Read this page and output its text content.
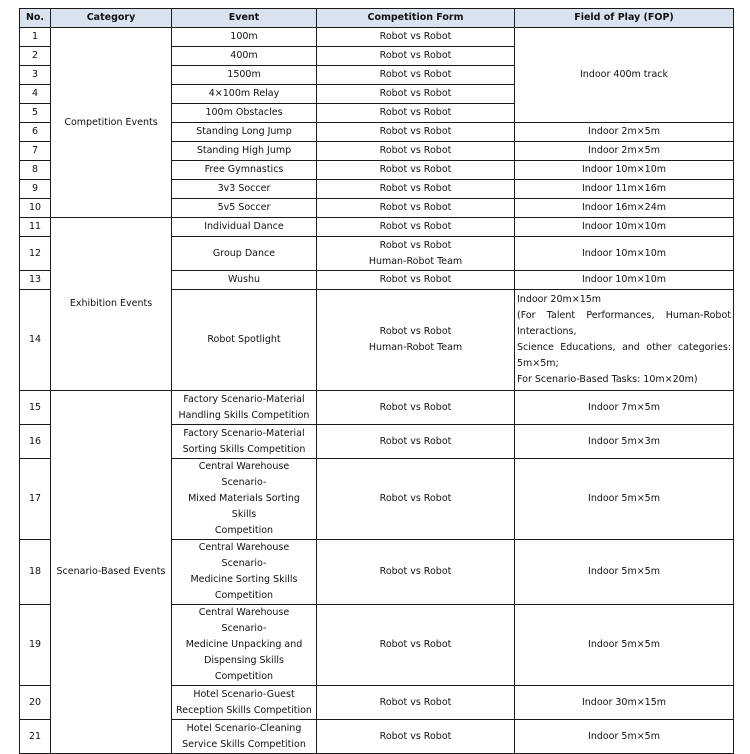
No.	Category	Event	Competition Form	Field of Play (FOP)
1	Competition Events	100m	Robot vs Robot	Indoor 400m track

2		400m	Robot vs Robot	

3		1500m	Robot vs Robot	

4		4×100m Relay	Robot vs Robot	

5		100m Obstacles	Robot vs Robot	

6		Standing Long Jump	Robot vs Robot	Indoor 2m×5m

7		Standing High Jump	Robot vs Robot	Indoor 2m×5m

8		Free Gymnastics	Robot vs Robot	Indoor 10m×10m

9		3v3 Soccer	Robot vs Robot	Indoor 11m×16m

10		5v5 Soccer	Robot vs Robot	Indoor 16m×24m

11	Exhibition Events	Individual Dance	Robot vs Robot	Indoor 10m×10m

12		Group Dance	Robot vs Robot
Human-Robot Team	Indoor 10m×10m

13		Wushu	Robot vs Robot	Indoor 10m×10m

14		Robot Spotlight	Robot vs Robot
Human-Robot Team	Indoor 20m×15m
(For Talent Performances, Human-Robot Interactions,
Science Educations, and other categories: 5m×5m;
For Scenario-Based Tasks: 10m×20m)

15	Scenario-Based Events	Factory Scenario-Material
Handling Skills Competition	Robot vs Robot	Indoor 7m×5m

16		Factory Scenario-Material
Sorting Skills Competition	Robot vs Robot	Indoor 5m×3m

17		Central Warehouse Scenario-
Mixed Materials Sorting Skills
Competition	Robot vs Robot	Indoor 5m×5m

18		Central Warehouse Scenario-
Medicine Sorting Skills
Competition	Robot vs Robot	Indoor 5m×5m

19		Central Warehouse Scenario-
Medicine Unpacking and
Dispensing Skills Competition	Robot vs Robot	Indoor 5m×5m

20		Hotel Scenario-Guest
Reception Skills Competition	Robot vs Robot	Indoor 30m×15m

21		Hotel Scenario-Cleaning
Service Skills Competition	Robot vs Robot	Indoor 5m×5m
